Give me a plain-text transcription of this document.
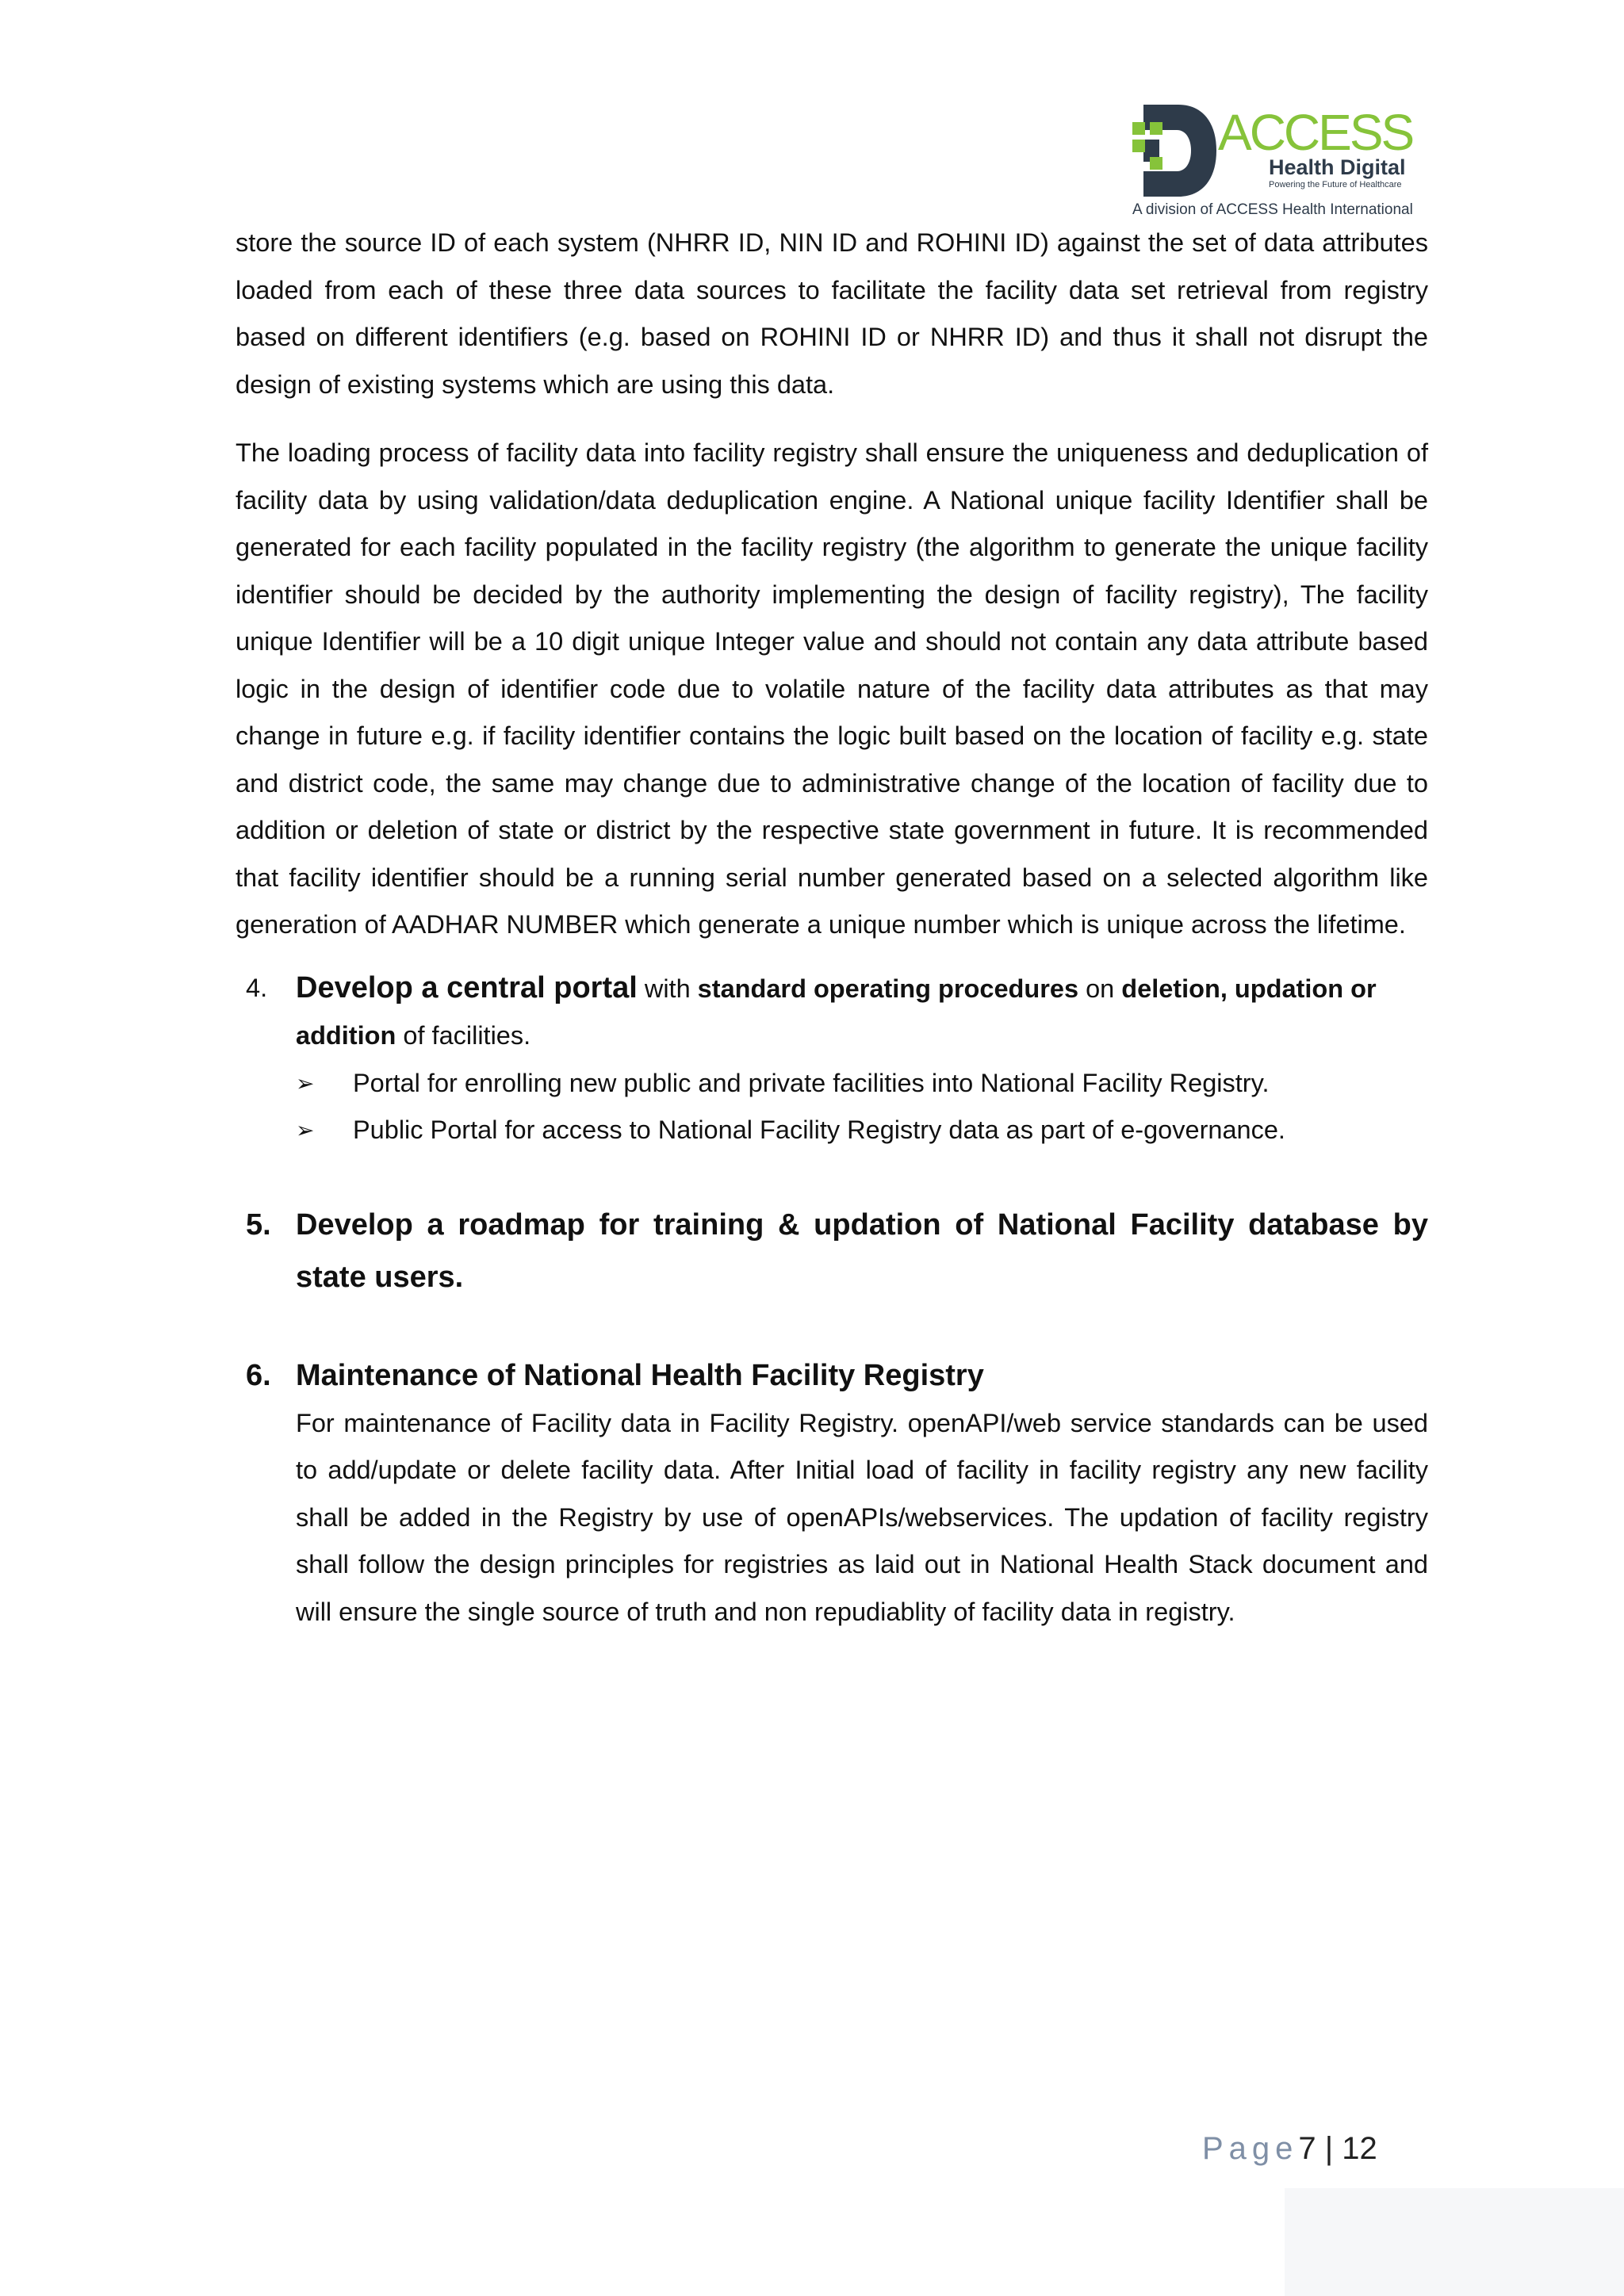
ACCESS
Health Digital
Powering the Future of Healthcare
A division of ACCESS Health International

store the source ID of each system (NHRR ID, NIN ID and ROHINI ID) against the set of data attributes loaded from each of these three data sources to facilitate the facility data set retrieval from registry based on different identifiers (e.g. based on ROHINI ID or NHRR ID) and thus it shall not disrupt the design of existing systems which are using this data.

The loading process of facility data into facility registry shall ensure the uniqueness and deduplication of facility data by using validation/data deduplication engine. A National unique facility Identifier shall be generated for each facility populated in the facility registry (the algorithm to generate the unique facility identifier should be decided by the authority implementing the design of facility registry), The facility unique Identifier will be a 10 digit unique Integer value and should not contain any data attribute based logic in the design of identifier code due to volatile nature of the facility data attributes as that may change in future e.g. if facility identifier contains the logic built based on the location of facility e.g. state and district code, the same may change due to administrative change of the location of facility due to addition or deletion of state or district by the respective state government in future. It is recommended that facility identifier should be a running serial number generated based on a selected algorithm like generation of AADHAR NUMBER which generate a unique number which is unique across the lifetime.

4. Develop a central portal with standard operating procedures on deletion, updation or addition of facilities.
➢ Portal for enrolling new public and private facilities into National Facility Registry.
➢ Public Portal for access to National Facility Registry data as part of e-governance.
5. Develop a roadmap for training & updation of National Facility database by state users.
6. Maintenance of National Health Facility Registry
For maintenance of Facility data in Facility Registry. openAPI/web service standards can be used to add/update or delete facility data. After Initial load of facility in facility registry any new facility shall be added in the Registry by use of openAPIs/webservices. The updation of facility registry shall follow the design principles for registries as laid out in National Health Stack document and will ensure the single source of truth and non repudiablity of facility data in registry.
Page7 | 12
